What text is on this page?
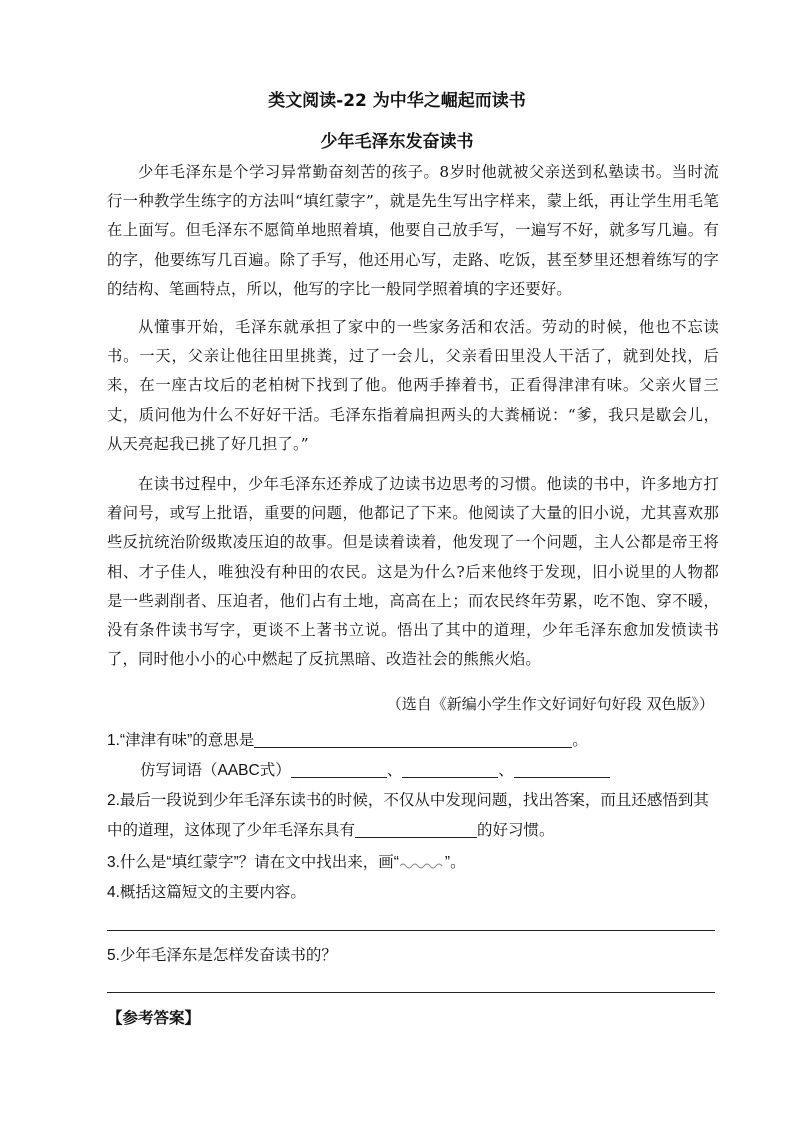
类文阅读-22 为中华之崛起而读书
少年毛泽东发奋读书

少年毛泽东是个学习异常勤奋刻苦的孩子。8岁时他就被父亲送到私塾读书。当时流行一种教学生练字的方法叫“填红蒙字”，就是先生写出字样来，蒙上纸，再让学生用毛笔在上面写。但毛泽东不愿简单地照着填，他要自己放手写，一遍写不好，就多写几遍。有的字，他要练写几百遍。除了手写，他还用心写，走路、吃饭，甚至梦里还想着练写的字的结构、笔画特点，所以，他写的字比一般同学照着填的字还要好。

从懂事开始，毛泽东就承担了家中的一些家务活和农活。劳动的时候，他也不忘读书。一天，父亲让他往田里挑粪，过了一会儿，父亲看田里没人干活了，就到处找，后来，在一座古坟后的老柏树下找到了他。他两手捧着书，正看得津津有味。父亲火冒三丈，质问他为什么不好好干活。毛泽东指着扁担两头的大粪桶说：“爹，我只是歇会儿，从天亮起我已挑了好几担了。”

在读书过程中，少年毛泽东还养成了边读书边思考的习惯。他读的书中，许多地方打着问号，或写上批语，重要的问题，他都记了下来。他阅读了大量的旧小说，尤其喜欢那些反抗统治阶级欺凌压迫的故事。但是读着读着，他发现了一个问题，主人公都是帝王将相、才子佳人，唯独没有种田的农民。这是为什么?后来他终于发现，旧小说里的人物都是一些剥削者、压迫者，他们占有土地，高高在上；而农民终年劳累，吃不饱、穿不暖，没有条件读书写字，更谈不上著书立说。悟出了其中的道理，少年毛泽东愈加发愤读书了，同时他小小的心中燃起了反抗黑暗、改造社会的熊熊火焰。

（选自《新编小学生作文好词好句好段 双色版》）
1.“津津有味”的意思是	。
仿写词语（AABC式）	、	、
2.最后一段说到少年毛泽东读书的时候，不仅从中发现问题，找出答案，而且还感悟到其中的道理，这体现了少年毛泽东具有	的好习惯。
3.什么是“填红蒙字”？请在文中找出来，画“	”。
4.概括这篇短文的主要内容。
5.少年毛泽东是怎样发奋读书的？
【参考答案】
